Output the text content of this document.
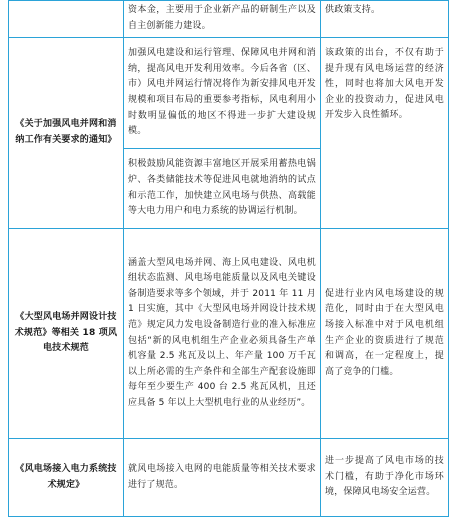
	资本金，主要用于企业新产品的研制生产以及自主创新能力建设。	供政策支持。
《关于加强风电并网和消纳工作有关要求的通知》	加强风电建设和运行管理、保障风电并网和消纳，提高风电开发利用效率。今后各省（区、市）风电并网运行情况将作为新安排风电开发规模和项目布局的重要参考指标，风电利用小时数明显偏低的地区不得进一步扩大建设规模。	该政策的出台，不仅有助于提升现有风电场运营的经济性，同时也将加大风电开发企业的投资动力，促进风电开发步入良性循环。
	积极鼓励风能资源丰富地区开展采用蓄热电锅炉、各类储能技术等促进风电就地消纳的试点和示范工作，加快建立风电场与供热、高载能等大电力用户和电力系统的协调运行机制。	
《大型风电场并网设计技术规范》等相关 18 项风电技术规范	涵盖大型风电场并网、海上风电建设、风电机组状态监测、风电场电能质量以及风电关键设备制造要求等多个领域，并于 2011 年 11 月 1 日实施，其中《大型风电场并网设计技术规范》规定风力发电设备制造行业的准入标准应包括“新的风电机组生产企业必须具备生产单机容量 2.5 兆瓦及以上、年产量 100 万千瓦以上所必需的生产条件和全部生产配套设施即每年至少要生产 400 台 2.5 兆瓦风机，且还应具备 5 年以上大型机电行业的从业经历”。	促进行业内风电场建设的规范化，同时由于在大型风电场接入标准中对于风电机组生产企业的资质进行了规范和调高，在一定程度上，提高了竞争的门槛。
《风电场接入电力系统技术规定》	就风电场接入电网的电能质量等相关技术要求进行了规范。	进一步提高了风电市场的技术门槛，有助于净化市场环境，保障风电场安全运营。
